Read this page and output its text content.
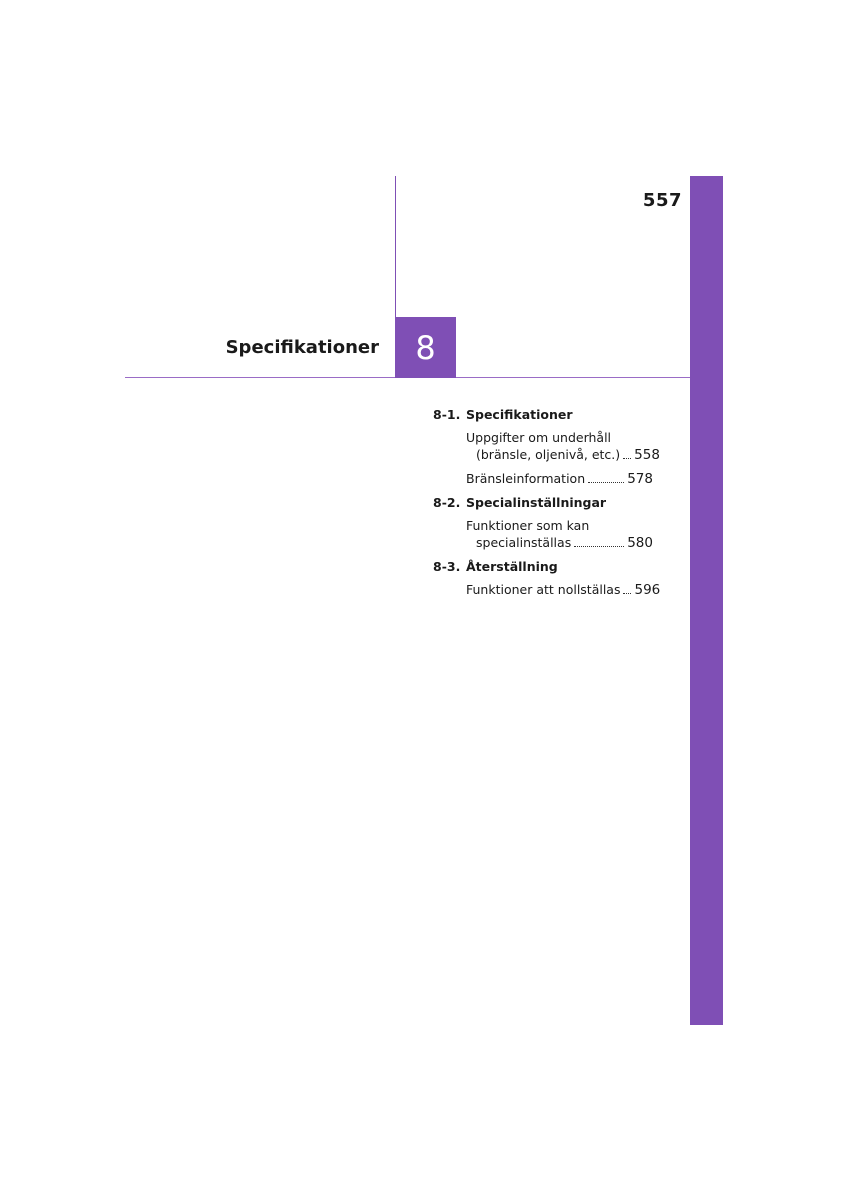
557
Specifikationer 8
8-1. Specifikationer
Uppgifter om underhåll
(bränsle, oljenivå, etc.) 558
Bränsleinformation	578
8-2. Specialinställningar
Funktioner som kan
specialinställas	580
8-3. Återställning
Funktioner att nollställas 596
